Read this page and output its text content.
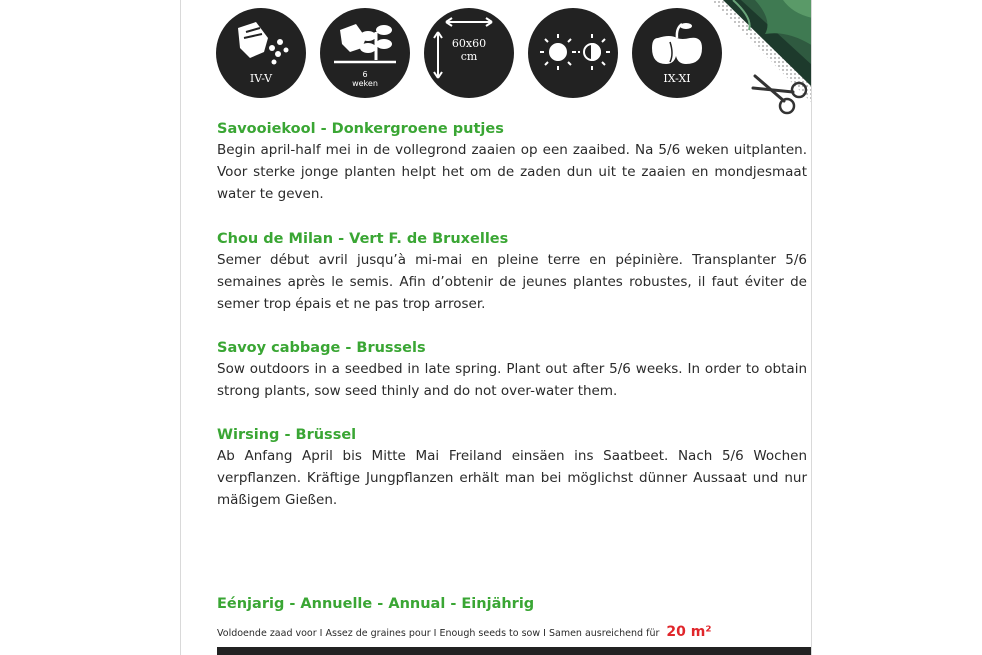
IV-V	6
weken
60x60
cm
IX-XI
Savooiekool - Donkergroene putjes

Begin april-half mei in de vollegrond zaaien op een zaaibed. Na 5/6 weken uitplanten. Voor sterke jonge planten helpt het om de zaden dun uit te zaaien en mondjesmaat water te geven.

Chou de Milan - Vert F. de Bruxelles

Semer début avril jusqu’à mi-mai en pleine terre en pépinière. Transplanter 5/6 semaines après le semis. Afin d’obtenir de jeunes plantes robustes, il faut éviter de semer trop épais et ne pas trop arroser.

Savoy cabbage - Brussels

Sow outdoors in a seedbed in late spring. Plant out after 5/6 weeks. In order to obtain strong plants, sow seed thinly and do not over-water them.

Wirsing - Brüssel

Ab Anfang April bis Mitte Mai Freiland einsäen ins Saatbeet. Nach 5/6 Wochen verpflanzen. Kräftige Jungpflanzen erhält man bei möglichst dünner Aussaat und nur mäßigem Gießen.

Eénjarig - Annuelle - Annual - Einjährig
Voldoende zaad voor I Assez de graines pour I Enough seeds to sow I Samen ausreichend für 20 m²
